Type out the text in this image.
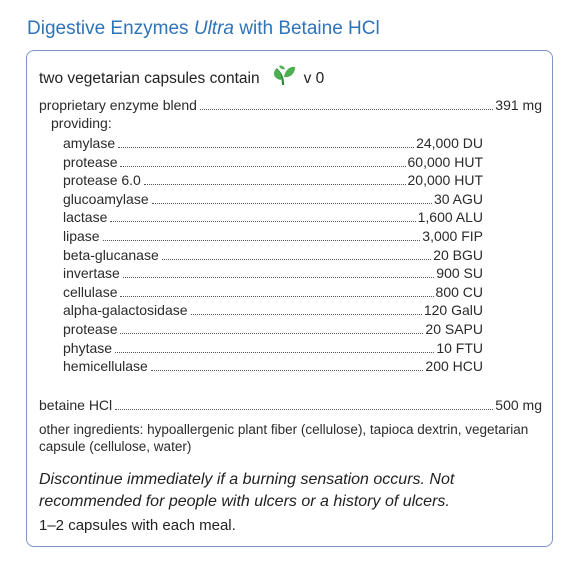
Digestive Enzymes Ultra with Betaine HCl
two vegetarian capsules contain	v 0
proprietary enzyme blend	391 mg
providing:
amylase	24,000 DU
protease	60,000 HUT
protease 6.0	20,000 HUT
glucoamylase	30 AGU
lactase	1,600 ALU
lipase	3,000 FIP
beta-glucanase	20 BGU
invertase	900 SU
cellulase	800 CU
alpha-galactosidase	120 GalU
protease	20 SAPU
phytase	10 FTU
hemicellulase	200 HCU
betaine HCl	500 mg
other ingredients: hypoallergenic plant fiber (cellulose), tapioca dextrin, vegetarian capsule (cellulose, water)
Discontinue immediately if a burning sensation occurs. Not recommended for people with ulcers or a history of ulcers.
1–2 capsules with each meal.
